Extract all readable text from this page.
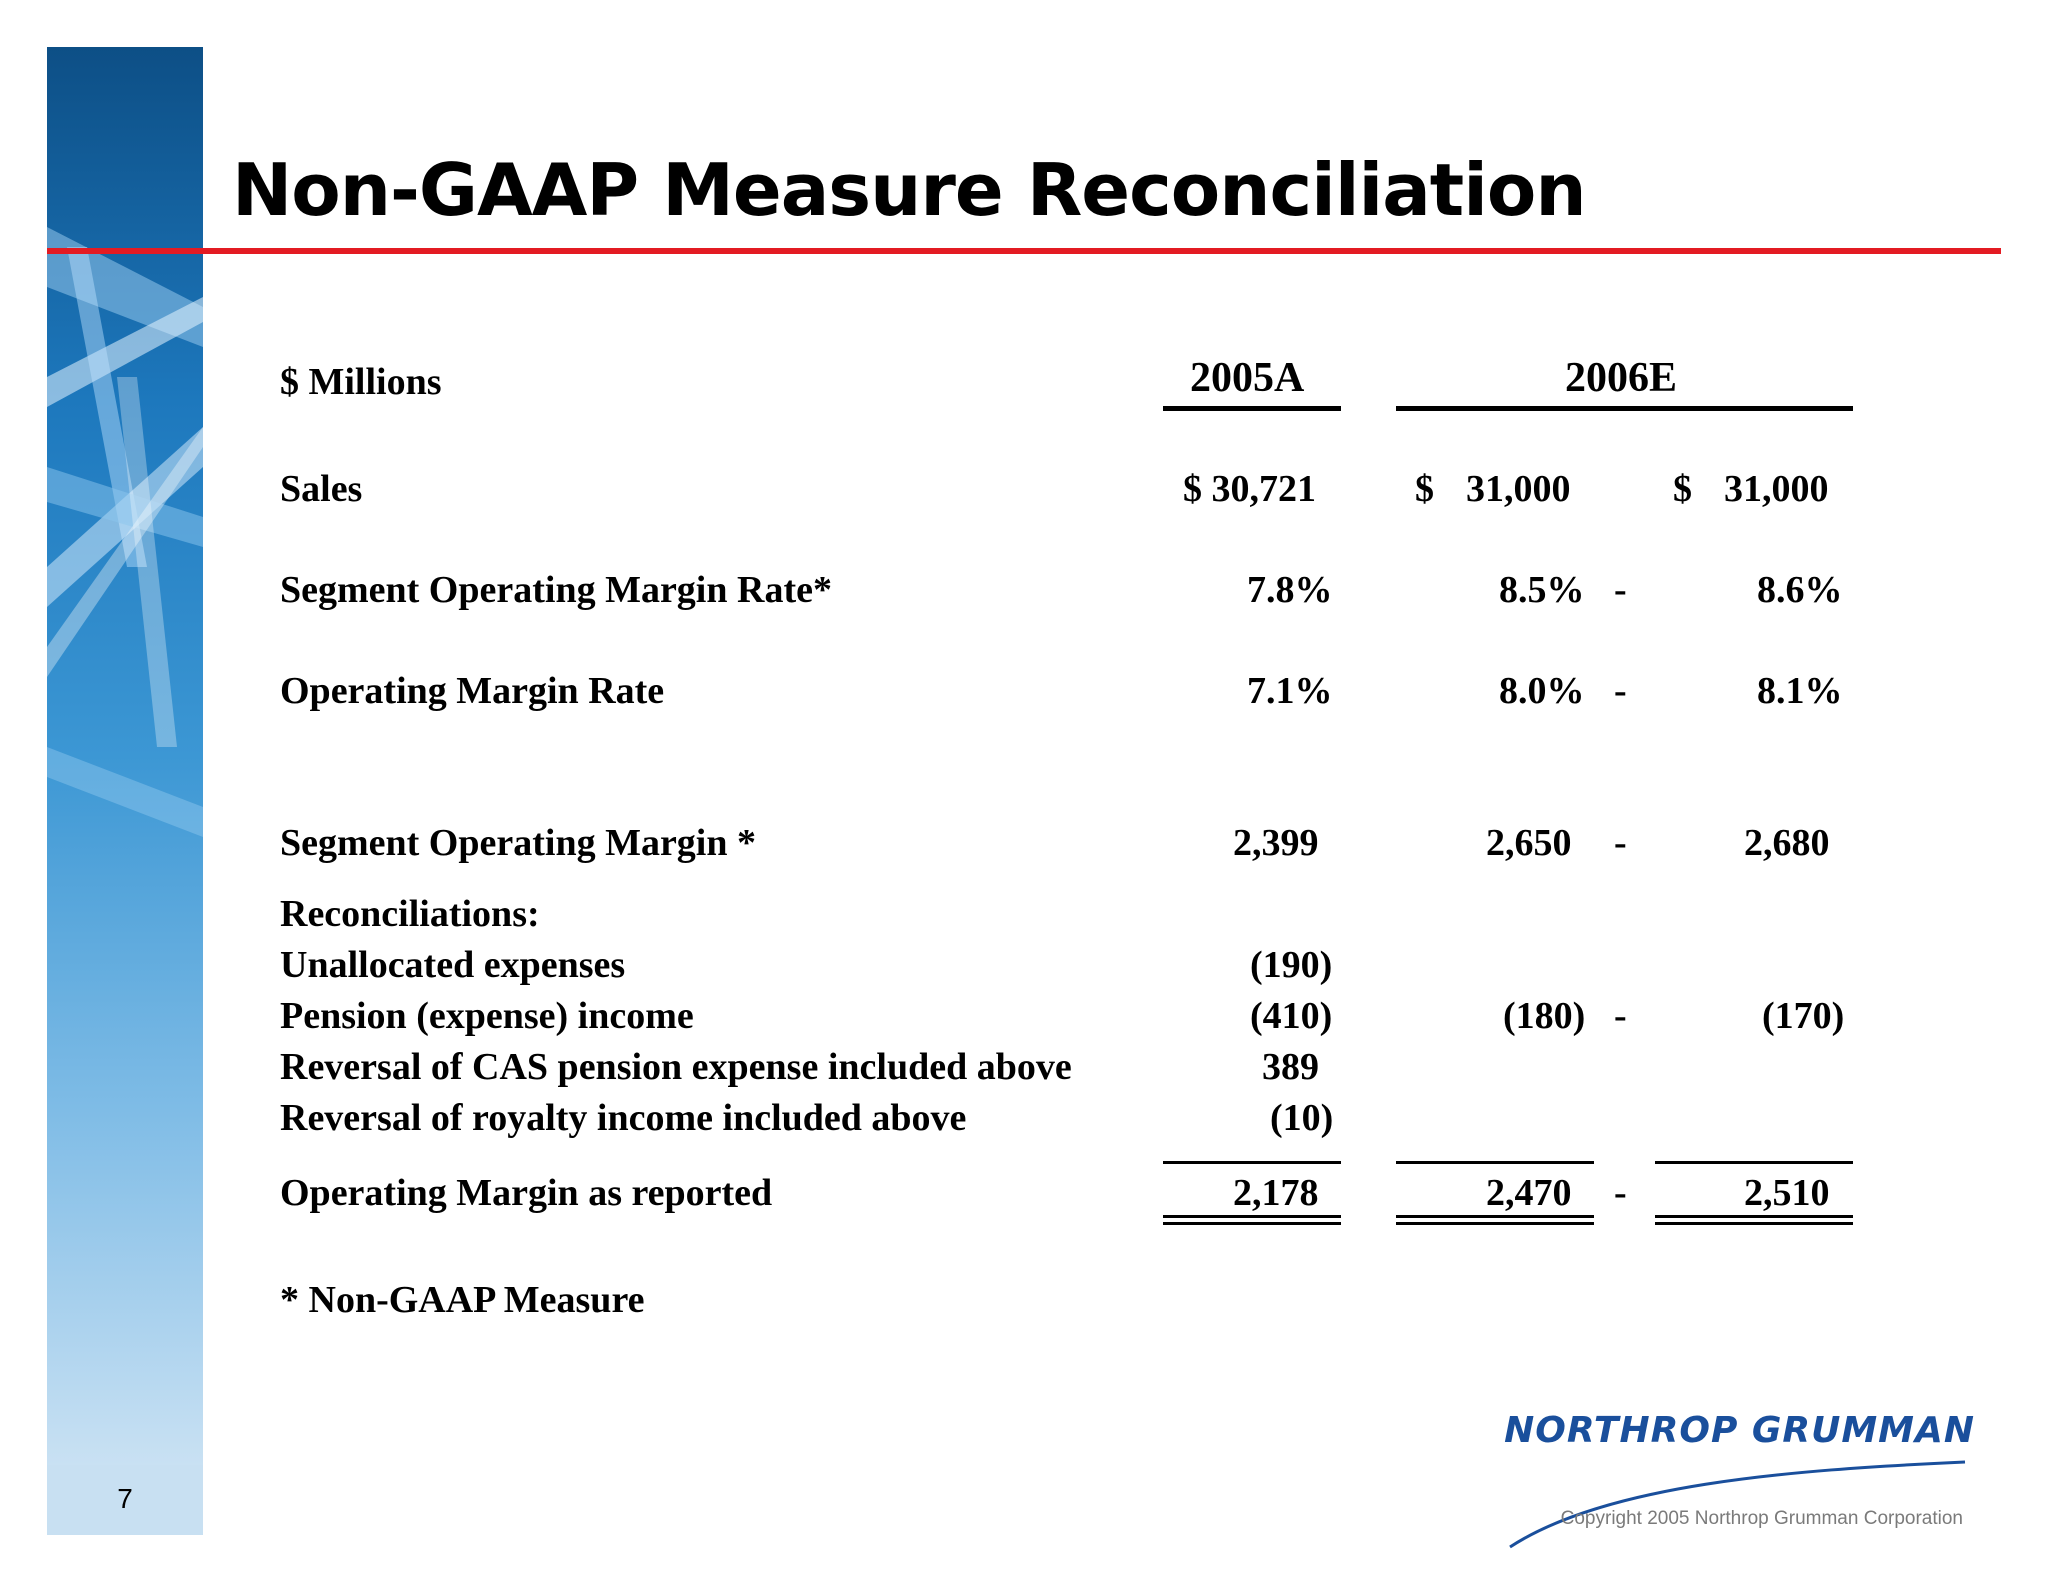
7
Non-GAAP Measure Reconciliation
$ Millions	2005A	2006E
Sales	$ 30,721	$ 31,000	$ 31,000
Segment Operating Margin Rate*	7.8%	8.5% -	8.6%
Operating Margin Rate	7.1%	8.0% -	8.1%
Segment Operating Margin *	2,399	2,650 -	2,680
Reconciliations:
Unallocated expenses	(190)
Pension (expense) income	(410)	(180) -	(170)
Reversal of CAS pension expense included above	389
Reversal of royalty income included above	(10)
Operating Margin as reported	2,178	2,470 -	2,510
* Non-GAAP Measure
NORTHROP GRUMMAN
Copyright 2005 Northrop Grumman Corporation
